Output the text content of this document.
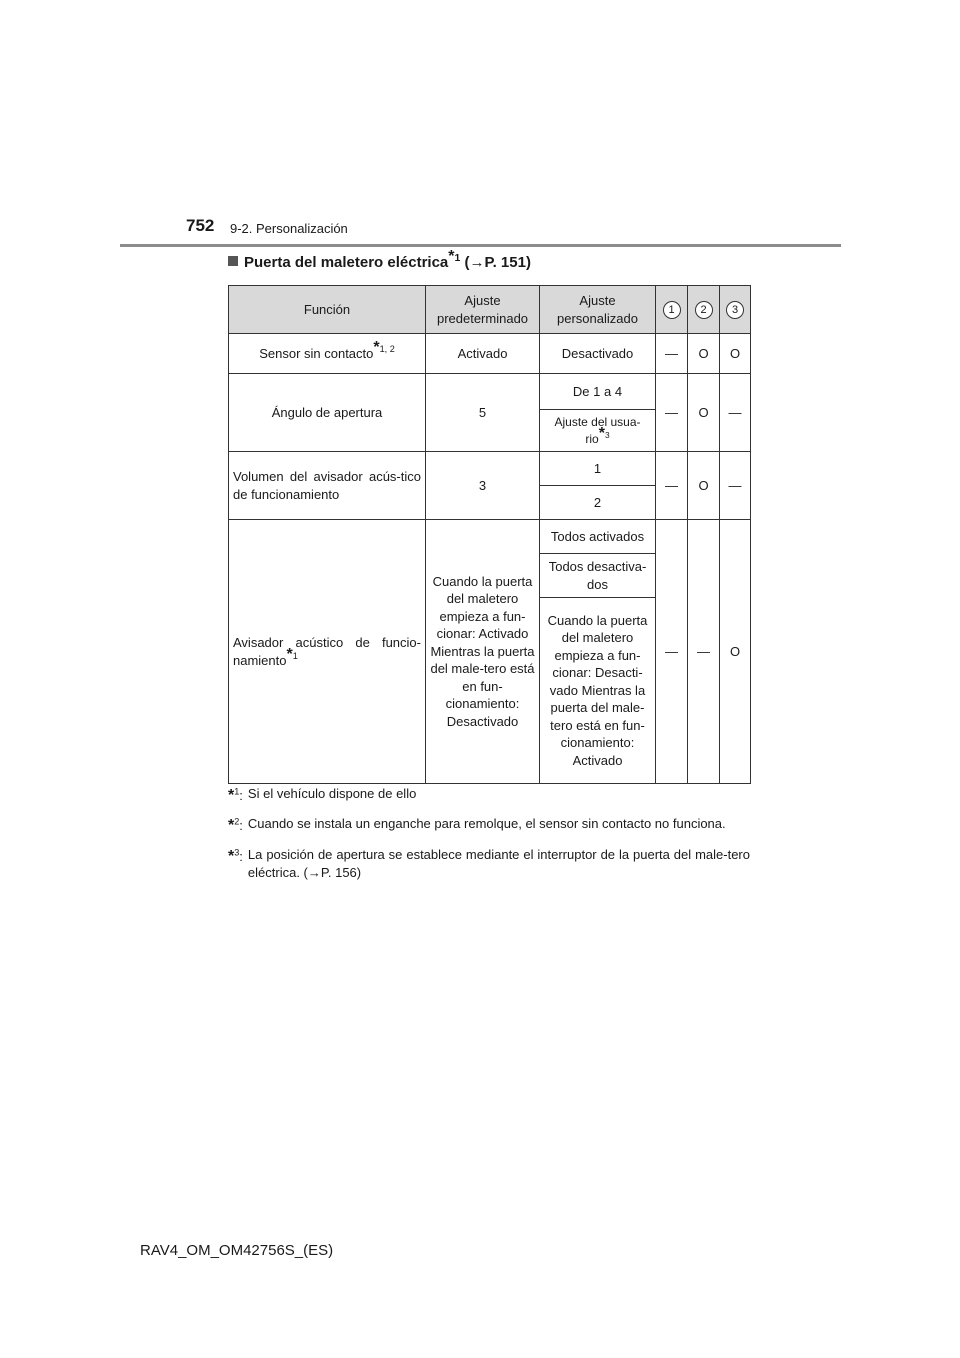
752 9-2. Personalización
Puerta del maletero eléctrica$^{*1}$ (→P. 151)
Función	Ajuste predeterminado	Ajuste personalizado	1	2	3
Sensor sin contacto$^{*1, 2}$	Activado	Desactivado	—	O	O
Ángulo de apertura	5	De 1 a 4	—	O	—
		Ajuste del usua-rio$^{*3}$
Volumen del avisador acús-tico de funcionamiento	3	1	—	O	—
		2			
Avisador acústico de funcio-namiento$^{*1}$	Cuando la puerta del maletero empieza a fun-cionar: Activado Mientras la puerta del male-tero está en fun-cionamiento: Desactivado	Todos activados	—	—	O
		Todos desactiva-dos			
		Cuando la puerta del maletero empieza a fun-cionar: Desacti-vado Mientras la puerta del male-tero está en fun-cionamiento: Activado			
*$^1$: Si el vehículo dispone de ello
*$^2$: Cuando se instala un enganche para remolque, el sensor sin contacto no funciona.
*$^3$: La posición de apertura se establece mediante el interruptor de la puerta del male-tero eléctrica. (→P. 156)
RAV4_OM_OM42756S_(ES)
